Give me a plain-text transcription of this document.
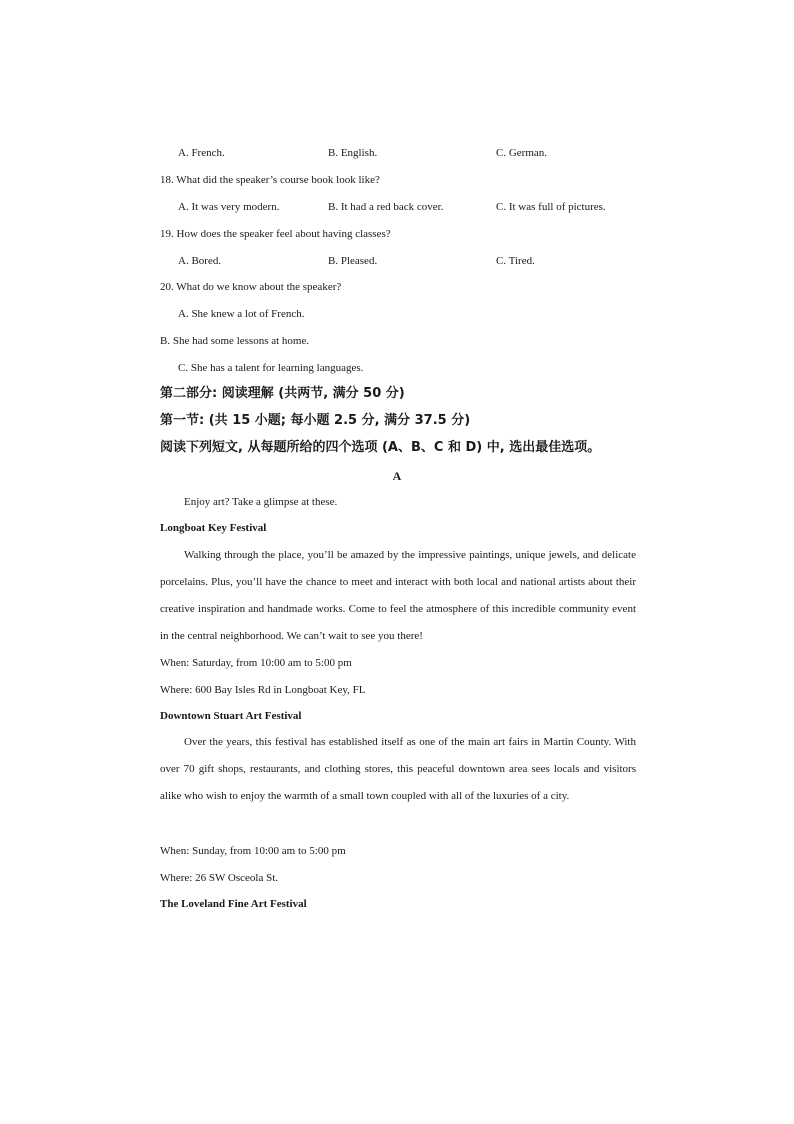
A. French.	B. English.	C. German.
18. What did the speaker’s course book look like?
A. It was very modern.	B. It had a red back cover.	C. It was full of pictures.
19. How does the speaker feel about having classes?
A. Bored.	B. Pleased.	C. Tired.
20. What do we know about the speaker?
A. She knew a lot of French.
B. She had some lessons at home.
C. She has a talent for learning languages.
第二部分: 阅读理解 (共两节, 满分 50 分)
第一节: (共 15 小题; 每小题 2.5 分, 满分 37.5 分)
阅读下列短文, 从每题所给的四个选项 (A、B、C 和 D) 中, 选出最佳选项。
A
Enjoy art? Take a glimpse at these.
Longboat Key Festival
Walking through the place, you’ll be amazed by the impressive paintings, unique jewels, and delicate porcelains. Plus, you’ll have the chance to meet and interact with both local and national artists about their creative inspiration and handmade works. Come to feel the atmosphere of this incredible community event in the central neighborhood. We can’t wait to see you there!
When: Saturday, from 10:00 am to 5:00 pm
Where: 600 Bay Isles Rd in Longboat Key, FL
Downtown Stuart Art Festival
Over the years, this festival has established itself as one of the main art fairs in Martin County. With over 70 gift shops, restaurants, and clothing stores, this peaceful downtown area sees locals and visitors alike who wish to enjoy the warmth of a small town coupled with all of the luxuries of a city.
When: Sunday, from 10:00 am to 5:00 pm
Where: 26 SW Osceola St.
The Loveland Fine Art Festival
